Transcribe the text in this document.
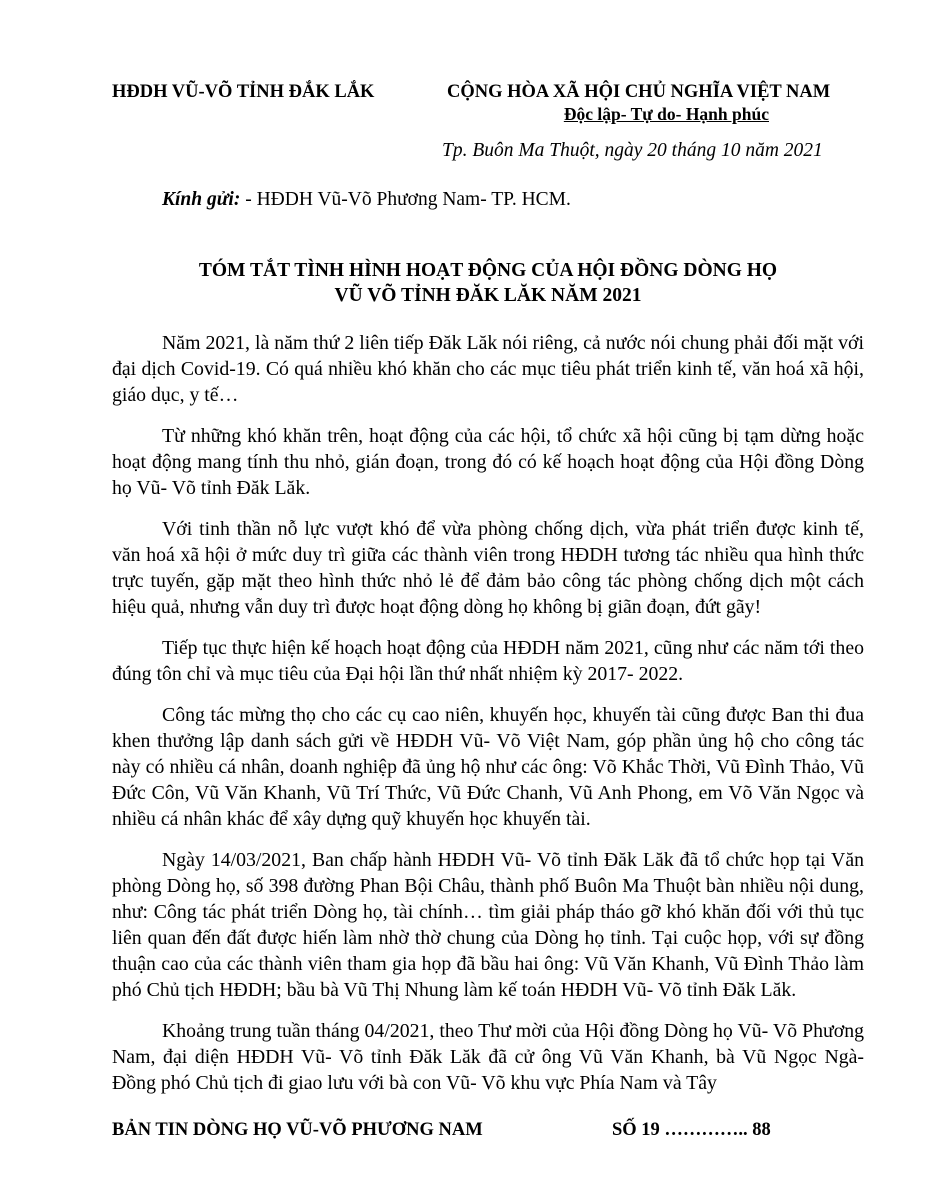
HĐDH VŨ-VÕ TỈNH ĐẮK LẮK	CỘNG HÒA XÃ HỘI CHỦ NGHĨA VIỆT NAM
Độc lập- Tự do- Hạnh phúc
Tp. Buôn Ma Thuột, ngày 20 tháng 10 năm 2021
Kính gửi: - HĐDH Vũ-Võ Phương Nam- TP. HCM.
TÓM TẮT TÌNH HÌNH HOẠT ĐỘNG CỦA HỘI ĐỒNG DÒNG HỌ
VŨ VÕ TỈNH ĐĂK LĂK NĂM 2021

Năm 2021, là năm thứ 2 liên tiếp Đăk Lăk nói riêng, cả nước nói chung phải đối mặt với đại dịch Covid-19. Có quá nhiều khó khăn cho các mục tiêu phát triển kinh tế, văn hoá xã hội, giáo dục, y tế…

Từ những khó khăn trên, hoạt động của các hội, tổ chức xã hội cũng bị tạm dừng hoặc hoạt động mang tính thu nhỏ, gián đoạn, trong đó có kế hoạch hoạt động của Hội đồng Dòng họ Vũ- Võ tỉnh Đăk Lăk.

Với tinh thần nỗ lực vượt khó để vừa phòng chống dịch, vừa phát triển được kinh tế, văn hoá xã hội ở mức duy trì giữa các thành viên trong HĐDH tương tác nhiều qua hình thức trực tuyến, gặp mặt theo hình thức nhỏ lẻ để đảm bảo công tác phòng chống dịch một cách hiệu quả, nhưng vẫn duy trì được hoạt động dòng họ không bị giãn đoạn, đứt gãy!

Tiếp tục thực hiện kế hoạch hoạt động của HĐDH năm 2021, cũng như các năm tới theo đúng tôn chỉ và mục tiêu của Đại hội lần thứ nhất nhiệm kỳ 2017- 2022.

Công tác mừng thọ cho các cụ cao niên, khuyến học, khuyến tài cũng được Ban thi đua khen thưởng lập danh sách gửi về HĐDH Vũ- Võ Việt Nam, góp phần ủng hộ cho công tác này có nhiều cá nhân, doanh nghiệp đã ủng hộ như các ông: Võ Khắc Thời, Vũ Đình Thảo, Vũ Đức Côn, Vũ Văn Khanh, Vũ Trí Thức, Vũ Đức Chanh, Vũ Anh Phong, em Võ Văn Ngọc và nhiều cá nhân khác để xây dựng quỹ khuyến học khuyến tài.

Ngày 14/03/2021, Ban chấp hành HĐDH Vũ- Võ tỉnh Đăk Lăk đã tổ chức họp tại Văn phòng Dòng họ, số 398 đường Phan Bội Châu, thành phố Buôn Ma Thuột bàn nhiều nội dung, như: Công tác phát triển Dòng họ, tài chính… tìm giải pháp tháo gỡ khó khăn đối với thủ tục liên quan đến đất được hiến làm nhờ thờ chung của Dòng họ tỉnh. Tại cuộc họp, với sự đồng thuận cao của các thành viên tham gia họp đã bầu hai ông: Vũ Văn Khanh, Vũ Đình Thảo làm phó Chủ tịch HĐDH; bầu bà Vũ Thị Nhung làm kế toán HĐDH Vũ- Võ tỉnh Đăk Lăk.

Khoảng trung tuần tháng 04/2021, theo Thư mời của Hội đồng Dòng họ Vũ- Võ Phương Nam, đại diện HĐDH Vũ- Võ tỉnh Đăk Lăk đã cử ông Vũ Văn Khanh, bà Vũ Ngọc Ngà- Đồng phó Chủ tịch đi giao lưu với bà con Vũ- Võ khu vực Phía Nam và Tây

BẢN TIN DÒNG HỌ VŨ-VÕ PHƯƠNG NAM	SỐ 19 ………….. 88
